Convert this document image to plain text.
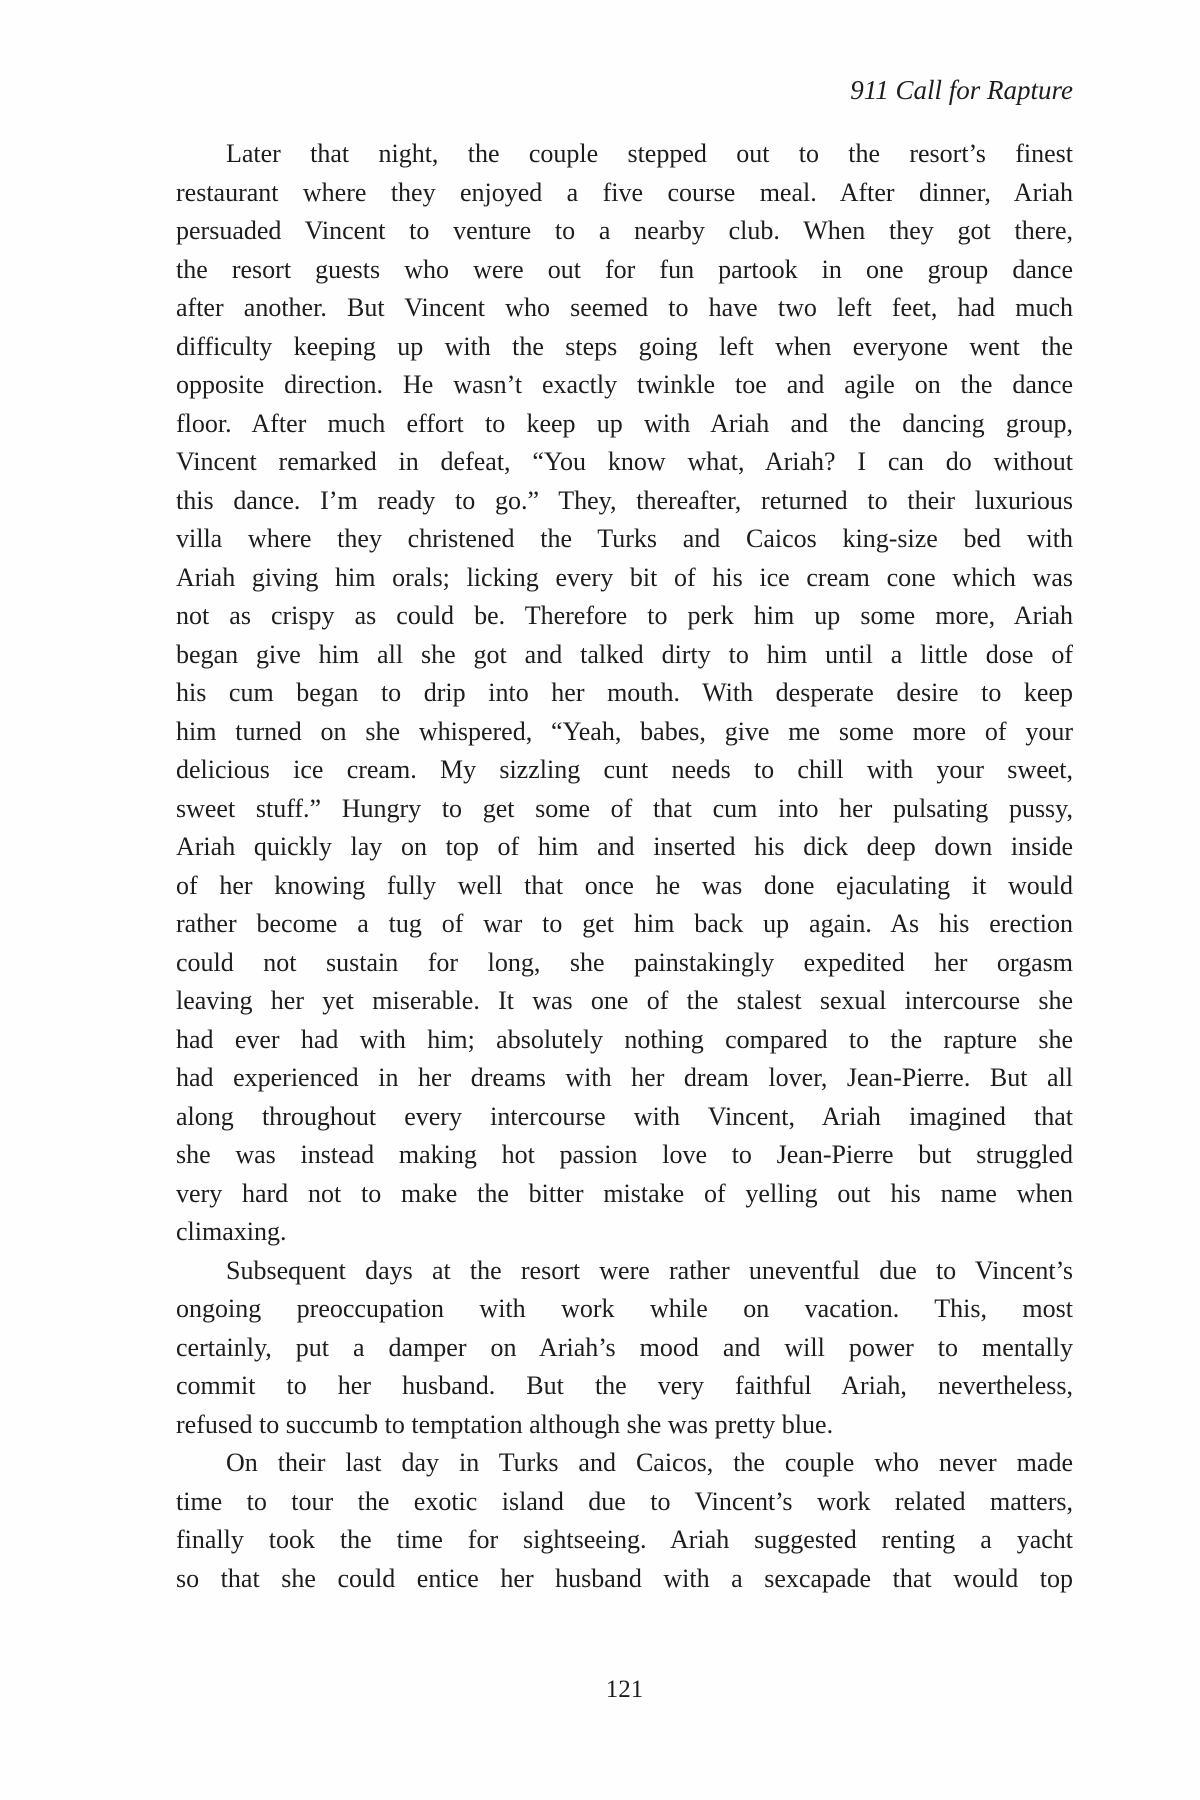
911 Call for Rapture
Later that night, the couple stepped out to the resort’s finest
restaurant where they enjoyed a five course meal. After dinner, Ariah
persuaded Vincent to venture to a nearby club. When they got there,
the resort guests who were out for fun partook in one group dance
after another. But Vincent who seemed to have two left feet, had much
difficulty keeping up with the steps going left when everyone went the
opposite direction. He wasn’t exactly twinkle toe and agile on the dance
floor. After much effort to keep up with Ariah and the dancing group,
Vincent remarked in defeat, “You know what, Ariah? I can do without
this dance. I’m ready to go.” They, thereafter, returned to their luxurious
villa where they christened the Turks and Caicos king-size bed with
Ariah giving him orals; licking every bit of his ice cream cone which was
not as crispy as could be. Therefore to perk him up some more, Ariah
began give him all she got and talked dirty to him until a little dose of
his cum began to drip into her mouth. With desperate desire to keep
him turned on she whispered, “Yeah, babes, give me some more of your
delicious ice cream. My sizzling cunt needs to chill with your sweet,
sweet stuff.” Hungry to get some of that cum into her pulsating pussy,
Ariah quickly lay on top of him and inserted his dick deep down inside
of her knowing fully well that once he was done ejaculating it would
rather become a tug of war to get him back up again. As his erection
could not sustain for long, she painstakingly expedited her orgasm
leaving her yet miserable. It was one of the stalest sexual intercourse she
had ever had with him; absolutely nothing compared to the rapture she
had experienced in her dreams with her dream lover, Jean-Pierre. But all
along throughout every intercourse with Vincent, Ariah imagined that
she was instead making hot passion love to Jean-Pierre but struggled
very hard not to make the bitter mistake of yelling out his name when
climaxing.
Subsequent days at the resort were rather uneventful due to Vincent’s
ongoing preoccupation with work while on vacation. This, most
certainly, put a damper on Ariah’s mood and will power to mentally
commit to her husband. But the very faithful Ariah, nevertheless,
refused to succumb to temptation although she was pretty blue.
On their last day in Turks and Caicos, the couple who never made
time to tour the exotic island due to Vincent’s work related matters,
finally took the time for sightseeing. Ariah suggested renting a yacht
so that she could entice her husband with a sexcapade that would top
121
